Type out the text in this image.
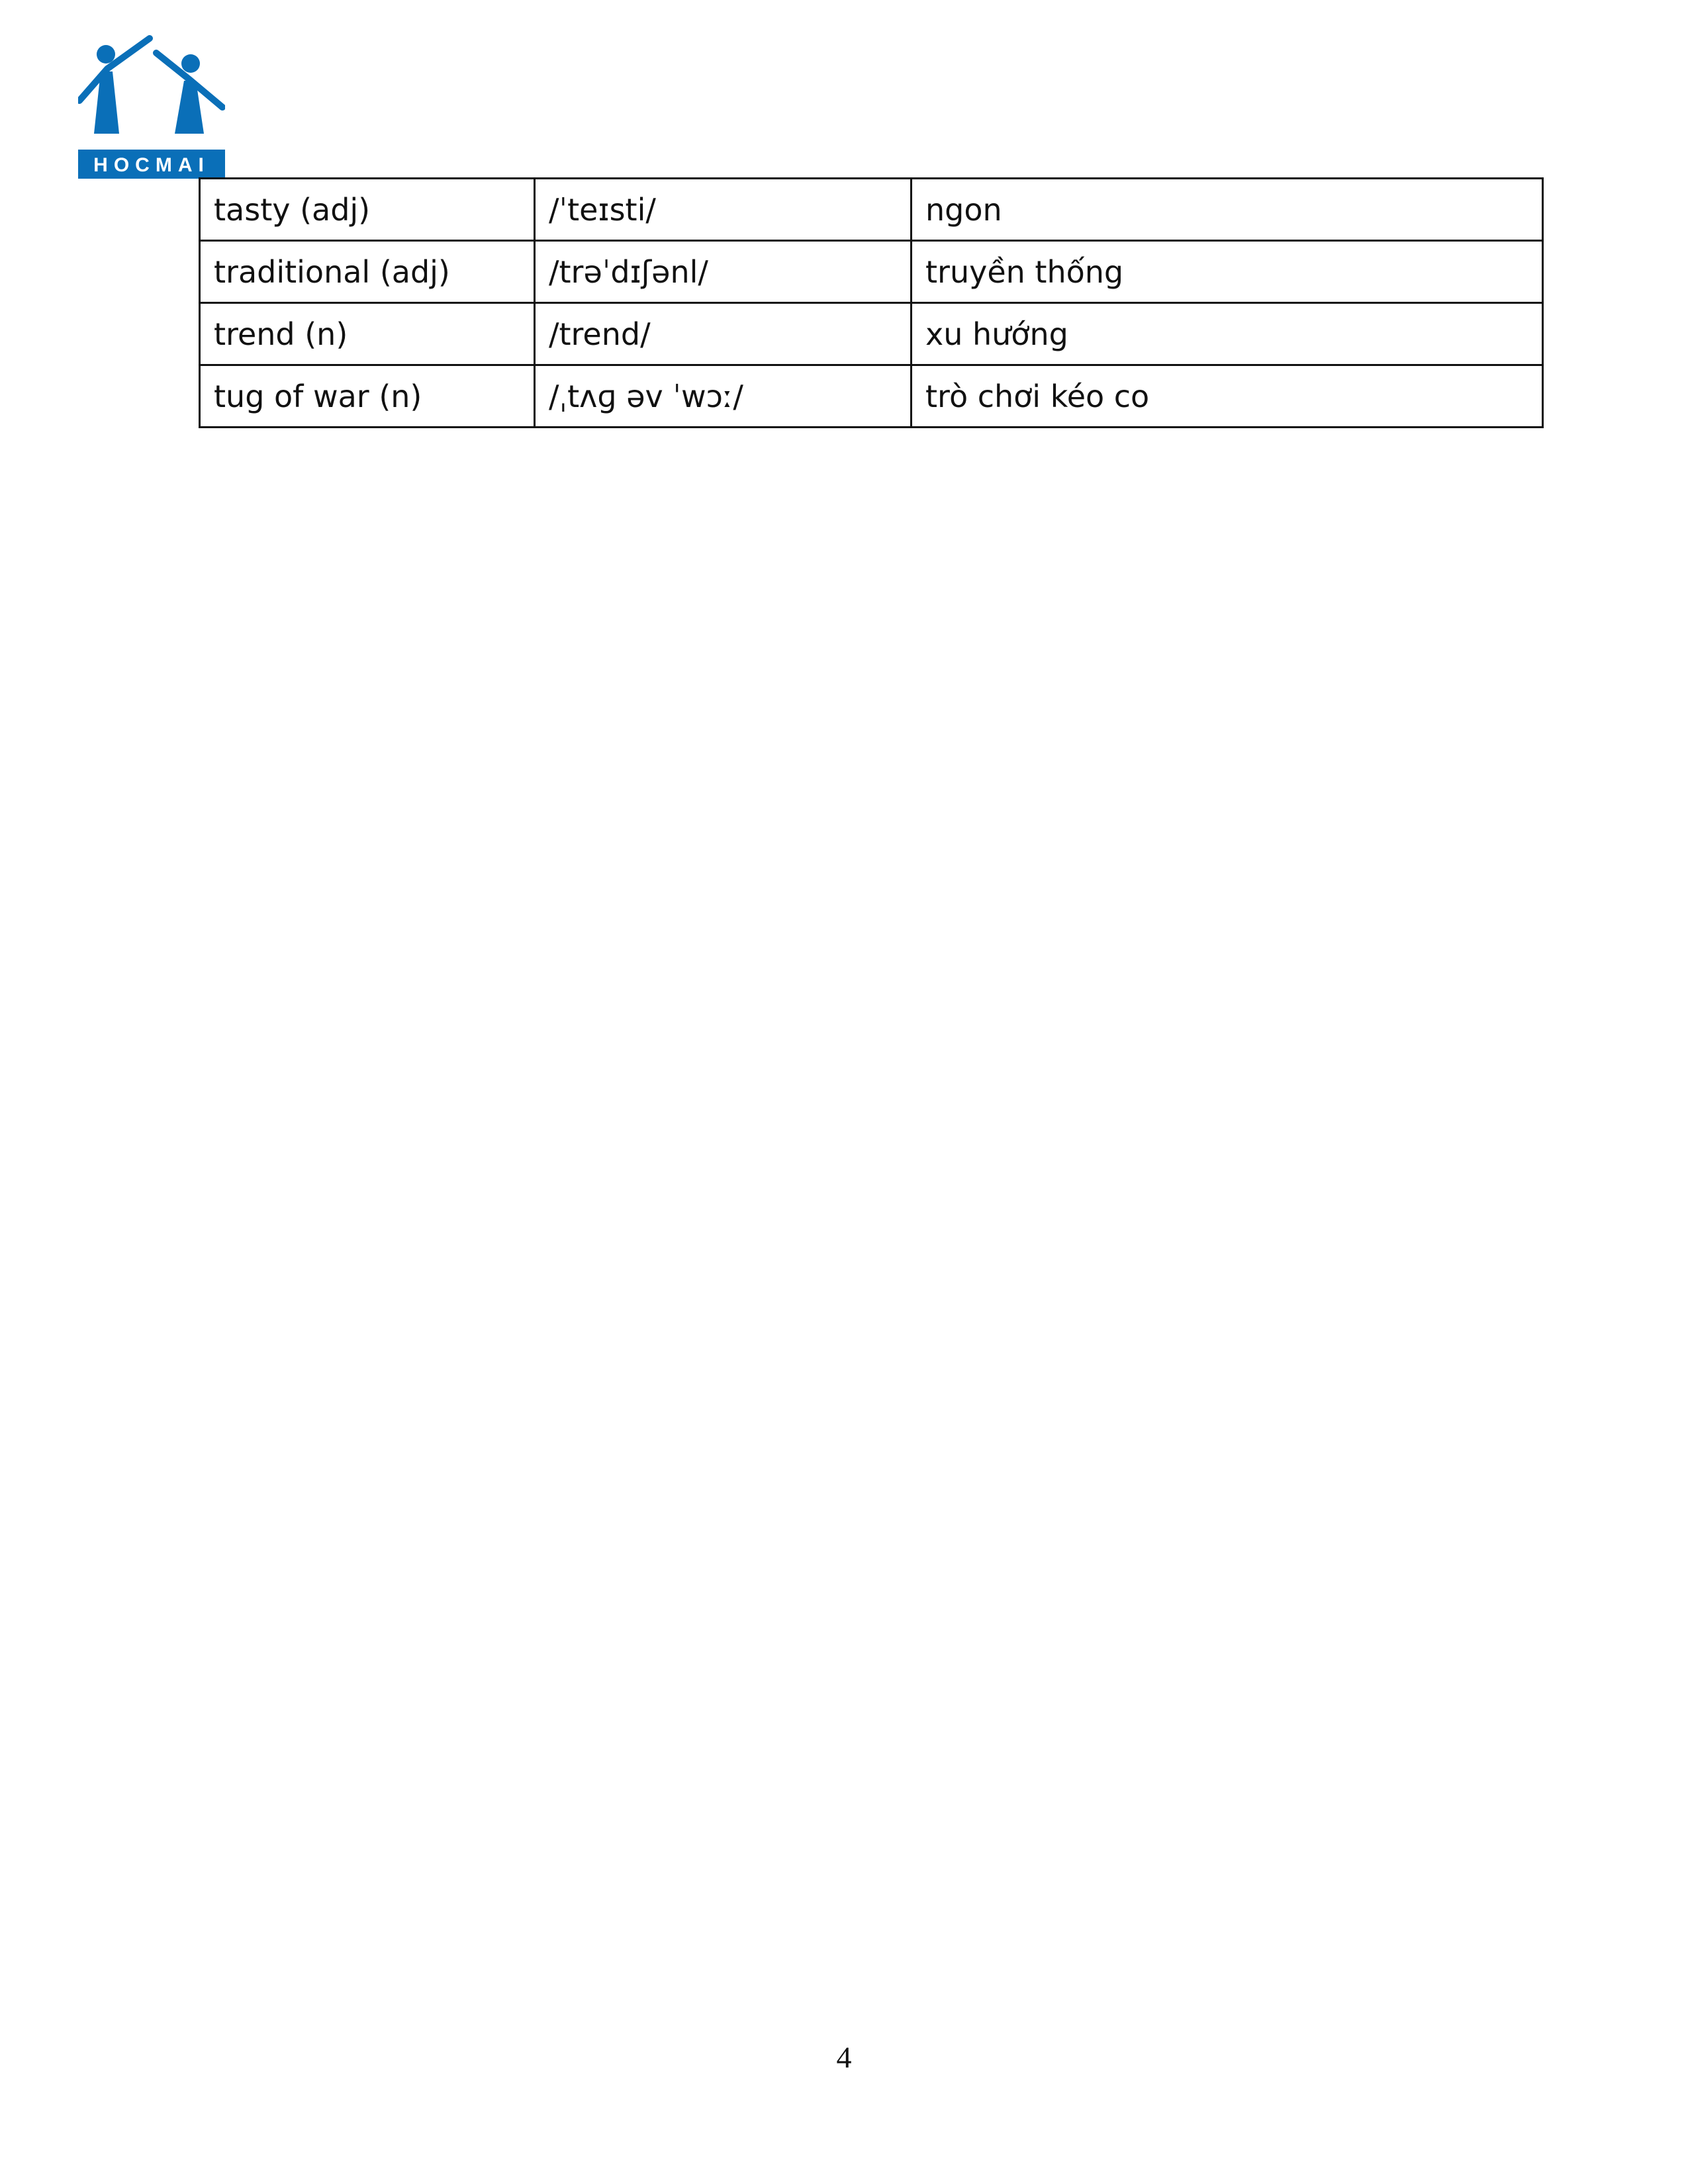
HOCMAI
tasty (adj)	/ˈteɪsti/	ngon
traditional (adj)	/trəˈdɪʃənl/	truyền thống
trend (n)	/trend/	xu hướng
tug of war (n)	/ˌtʌɡ əv ˈwɔː/	trò chơi kéo co
4
